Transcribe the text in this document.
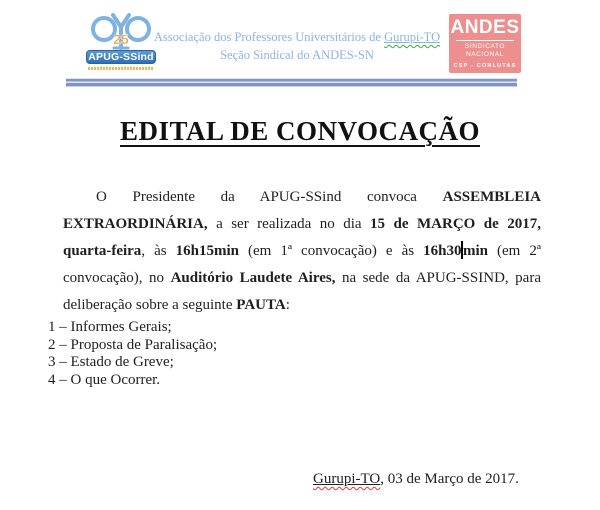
25
APUG-SSind
Associação dos Professores Universitários de Gurupi-TO
Seção Sindical do ANDES-SN
ANDES
SINDICATO NACIONAL
CSP - CONLUTAS
EDITAL DE CONVOCAÇÃO
O Presidente da APUG-SSind convoca ASSEMBLEIA
EXTRAORDINÁRIA, a ser realizada no dia 15 de MARÇO de 2017,
quarta-feira, às 16h15min (em 1ª convocação) e às 16h30 min (em 2ª
convocação), no Auditório Laudete Aires, na sede da APUG-SSIND, para
deliberação sobre a seguinte PAUTA:
1 – Informes Gerais;
2 – Proposta de Paralisação;
3 – Estado de Greve;
4 – O que Ocorrer.
Gurupi-TO, 03 de Março de 2017.
